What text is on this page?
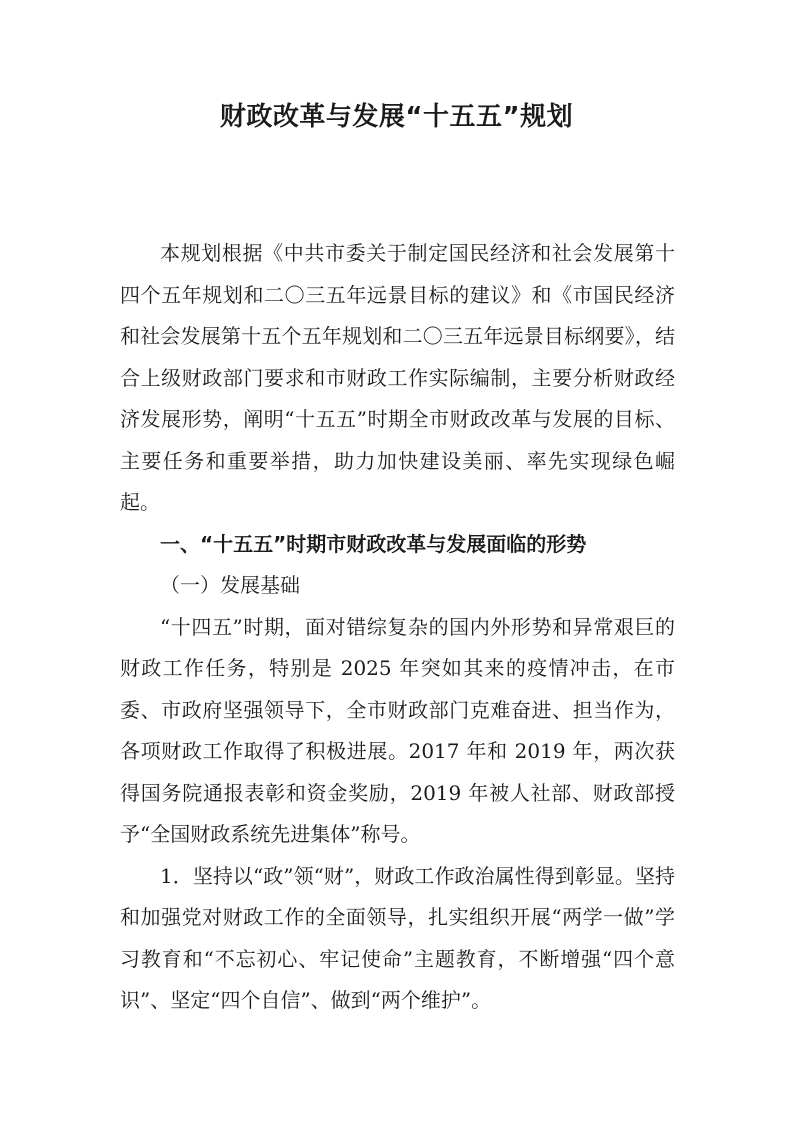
财政改革与发展“十五五”规划

本规划根据《中共市委关于制定国民经济和社会发展第十四个五年规划和二〇三五年远景目标的建议》和《市国民经济和社会发展第十五个五年规划和二〇三五年远景目标纲要》，结合上级财政部门要求和市财政工作实际编制，主要分析财政经济发展形势，阐明“十五五”时期全市财政改革与发展的目标、主要任务和重要举措，助力加快建设美丽、率先实现绿色崛起。

一、“十五五”时期市财政改革与发展面临的形势

（一）发展基础

“十四五”时期，面对错综复杂的国内外形势和异常艰巨的财政工作任务，特别是 2025 年突如其来的疫情冲击，在市委、市政府坚强领导下，全市财政部门克难奋进、担当作为，各项财政工作取得了积极进展。2017 年和 2019 年，两次获得国务院通报表彰和资金奖励，2019 年被人社部、财政部授予“全国财政系统先进集体”称号。

1．坚持以“政”领“财”，财政工作政治属性得到彰显。坚持和加强党对财政工作的全面领导，扎实组织开展“两学一做”学习教育和“不忘初心、牢记使命”主题教育，不断增强“四个意识”、坚定“四个自信”、做到“两个维护”。
